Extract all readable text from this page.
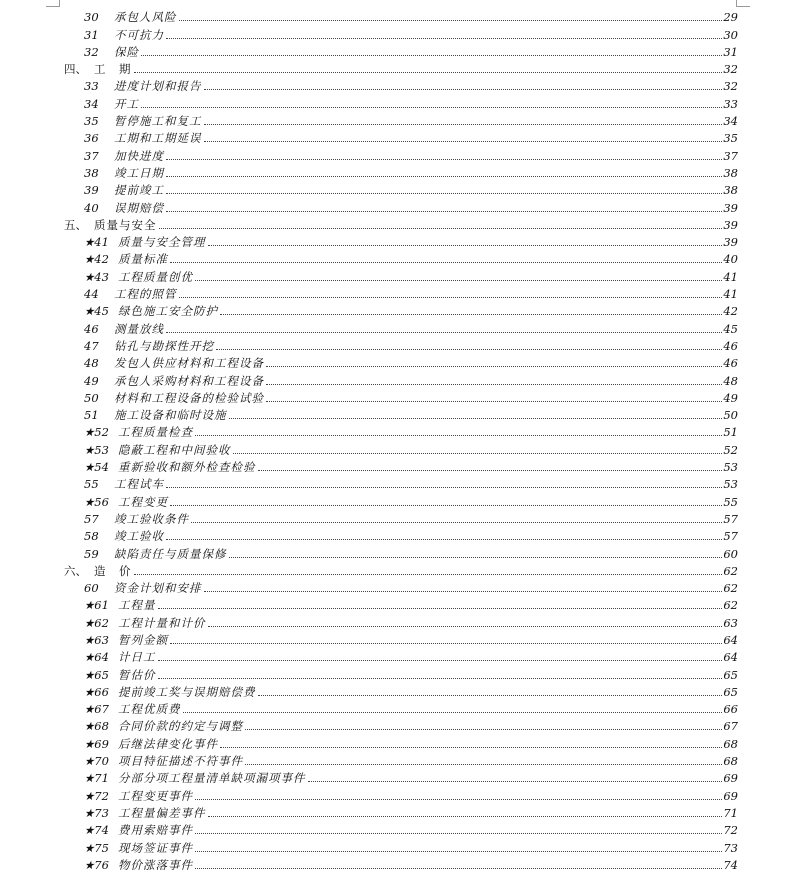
30	承包人风险	29
31	不可抗力	30
32	保险	31
四、 工　期	32
33	进度计划和报告	32
34	开工	33
35	暂停施工和复工	34
36	工期和工期延误	35
37	加快进度	37
38	竣工日期	38
39	提前竣工	38
40	误期赔偿	39
五、 质量与安全	39
★41 质量与安全管理	39
★42 质量标准	40
★43 工程质量创优	41
44	工程的照管	41
★45 绿色施工安全防护	42
46	测量放线	45
47	钻孔与勘探性开挖	46
48	发包人供应材料和工程设备	46
49	承包人采购材料和工程设备	48
50	材料和工程设备的检验试验	49
51	施工设备和临时设施	50
★52 工程质量检查	51
★53 隐蔽工程和中间验收	52
★54 重新验收和额外检查检验	53
55	工程试车	53
★56 工程变更	55
57	竣工验收条件	57
58	竣工验收	57
59	缺陷责任与质量保修	60
六、 造　价	62
60	资金计划和安排	62
★61 工程量	62
★62 工程计量和计价	63
★63 暂列金额	64
★64 计日工	64
★65 暂估价	65
★66 提前竣工奖与误期赔偿费	65
★67 工程优质费	66
★68 合同价款的约定与调整	67
★69 后继法律变化事件	68
★70 项目特征描述不符事件	68
★71 分部分项工程量清单缺项漏项事件	69
★72 工程变更事件	69
★73 工程量偏差事件	71
★74 费用索赔事件	72
★75 现场签证事件	73
★76 物价涨落事件	74
